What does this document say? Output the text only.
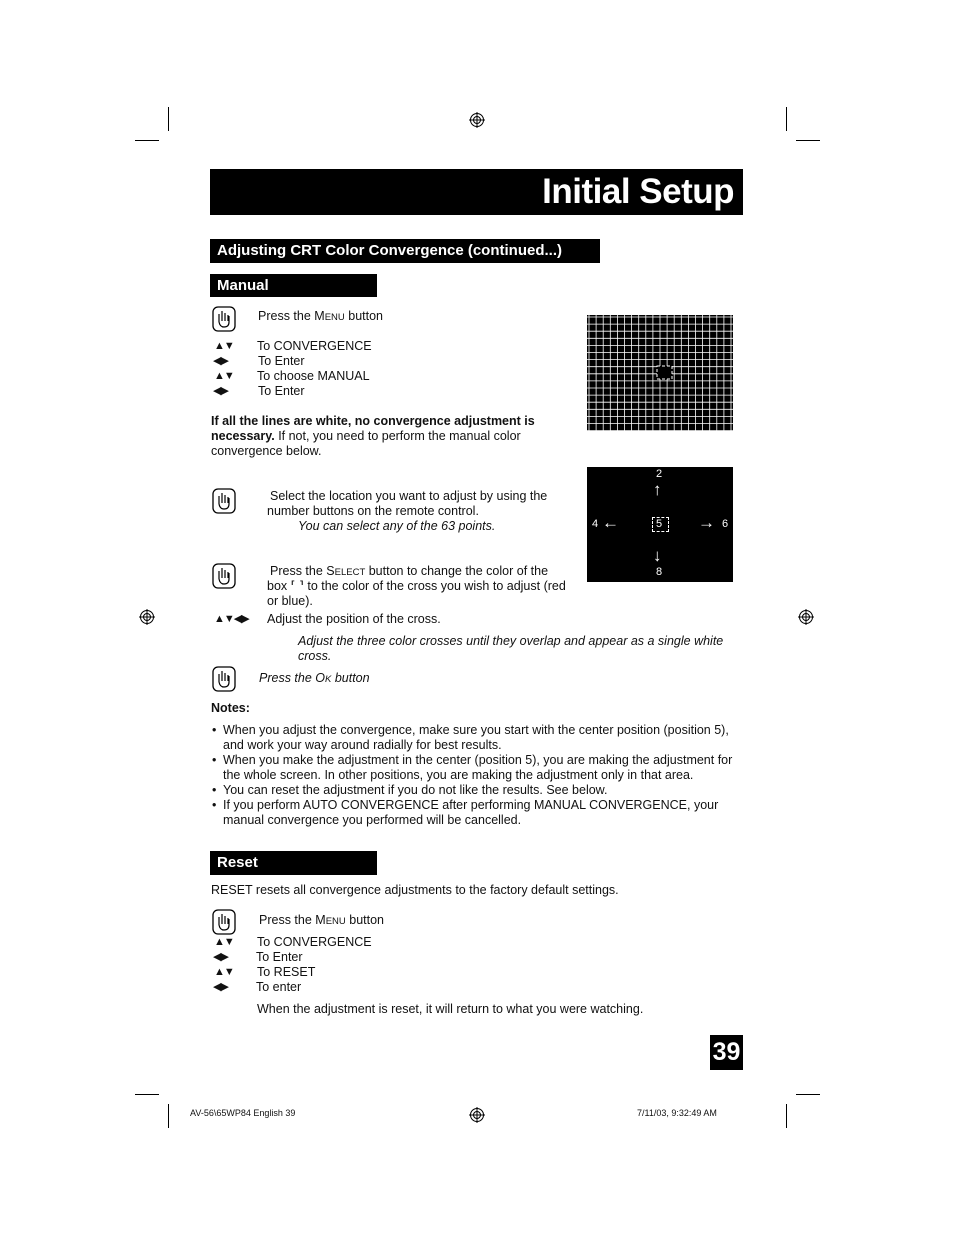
Initial Setup
Adjusting CRT Color Convergence (continued...)
Manual
Press the MENU button
▲▼ To CONVERGENCE
◀▶ To Enter
▲▼ To choose MANUAL
◀▶ To Enter
If all the lines are white, no convergence adjustment is
necessary. If not, you need to perform the manual color
convergence below.
2
↑
4 ←	5 → 6
↓
8
Select the location you want to adjust by using the
number buttons on the remote control.
You can select any of the 63 points.
Press the SELECT button to change the color of the
box ⸢ ⸣ to the color of the cross you wish to adjust (red
or blue).
▲▼◀▶ Adjust the position of the cross.
Adjust the three color crosses until they overlap and appear as a single white
cross.
Press the OK button
Notes:
• When you adjust the convergence, make sure you start with the center position (position 5),
and work your way around radially for best results.
• When you make the adjustment in the center (position 5), you are making the adjustment for
the whole screen. In other positions, you are making the adjustment only in that area.
• You can reset the adjustment if you do not like the results. See below.
• If you perform AUTO CONVERGENCE after performing MANUAL CONVERGENCE, your
manual convergence you performed will be cancelled.
Reset
RESET resets all convergence adjustments to the factory default settings.
Press the MENU button
▲▼ To CONVERGENCE
◀▶ To Enter
▲▼ To RESET
◀▶ To enter
When the adjustment is reset, it will return to what you were watching.
39
AV-56\65WP84 English 39	7/11/03, 9:32:49 AM
